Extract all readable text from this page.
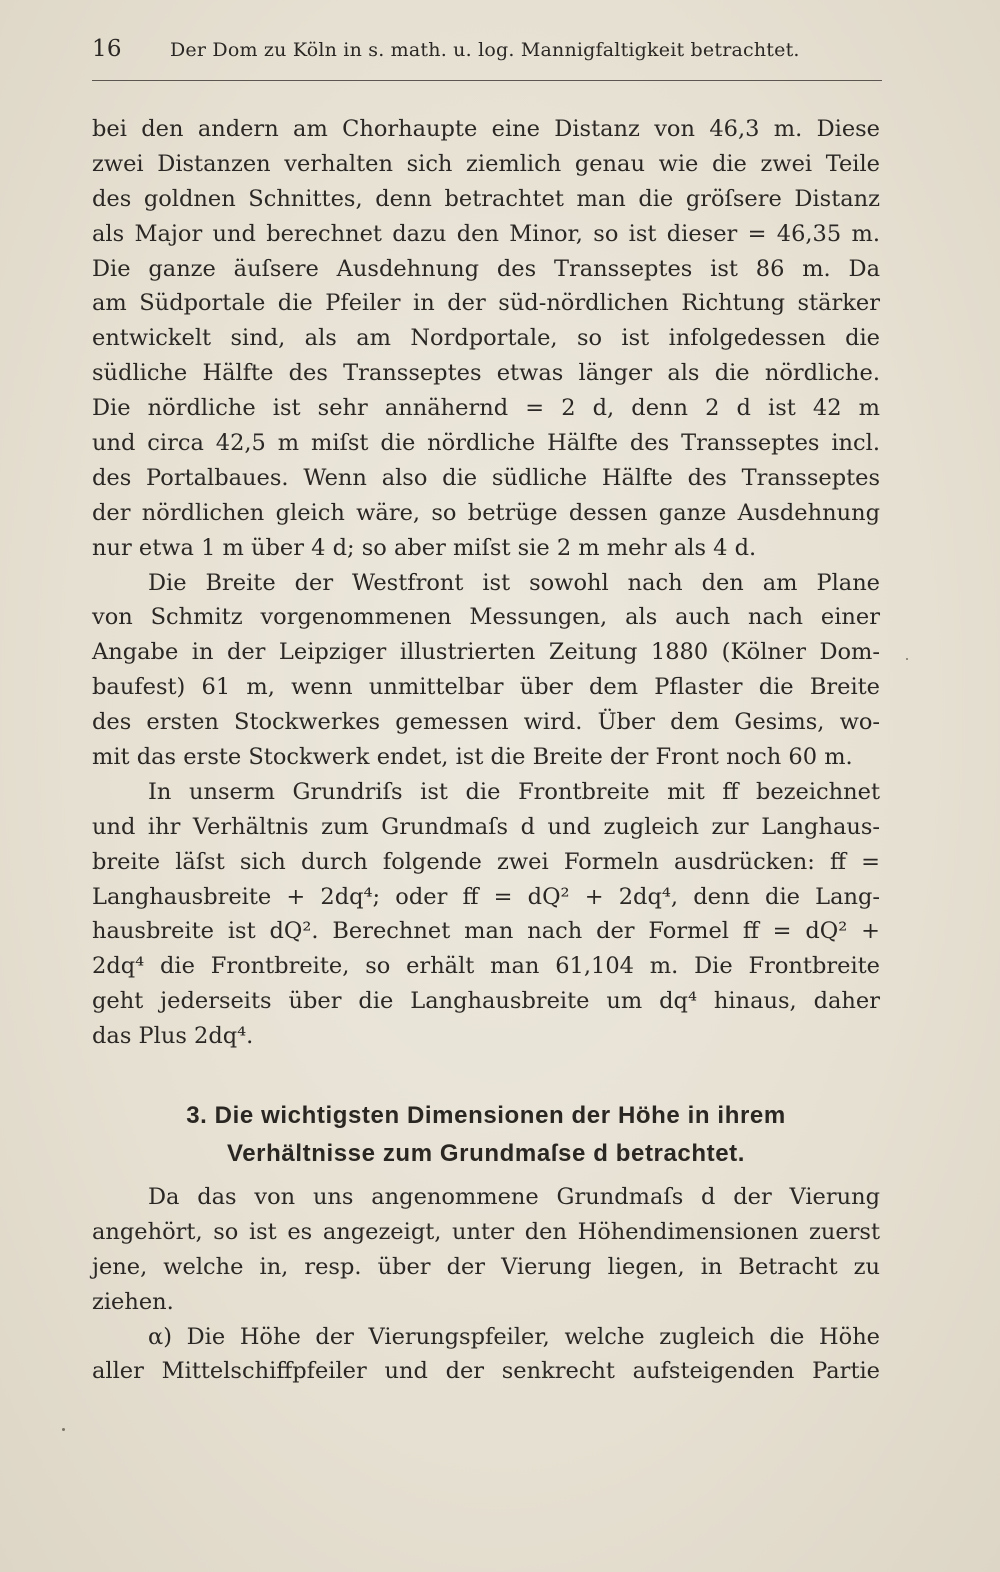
16	Der Dom zu Köln in s. math. u. log. Mannigfaltigkeit betrachtet.
bei den andern am Chorhaupte eine Distanz von 46,3 m. Diese
zwei Distanzen verhalten sich ziemlich genau wie die zwei Teile
des goldnen Schnittes, denn betrachtet man die gröſsere Distanz
als Major und berechnet dazu den Minor, so ist dieser = 46,35 m.
Die ganze äuſsere Ausdehnung des Transseptes ist 86 m. Da
am Südportale die Pfeiler in der süd-nördlichen Richtung stärker
entwickelt sind, als am Nordportale, so ist infolgedessen die
südliche Hälfte des Transseptes etwas länger als die nördliche.
Die nördliche ist sehr annähernd = 2 d, denn 2 d ist 42 m
und circa 42,5 m miſst die nördliche Hälfte des Transseptes incl.
des Portalbaues. Wenn also die südliche Hälfte des Transseptes
der nördlichen gleich wäre, so betrüge dessen ganze Ausdehnung
nur etwa 1 m über 4 d; so aber miſst sie 2 m mehr als 4 d.
Die Breite der Westfront ist sowohl nach den am Plane
von Schmitz vorgenommenen Messungen, als auch nach einer
Angabe in der Leipziger illustrierten Zeitung 1880 (Kölner Dom-
baufest) 61 m, wenn unmittelbar über dem Pflaster die Breite
des ersten Stockwerkes gemessen wird. Über dem Gesims, wo-
mit das erste Stockwerk endet, ist die Breite der Front noch 60 m.
In unserm Grundriſs ist die Frontbreite mit ff bezeichnet
und ihr Verhältnis zum Grundmaſs d und zugleich zur Langhaus-
breite läſst sich durch folgende zwei Formeln ausdrücken: ff =
Langhausbreite + 2dq⁴; oder ff = dQ² + 2dq⁴, denn die Lang-
hausbreite ist dQ². Berechnet man nach der Formel ff = dQ² +
2dq⁴ die Frontbreite, so erhält man 61,104 m. Die Frontbreite
geht jederseits über die Langhausbreite um dq⁴ hinaus, daher
das Plus 2dq⁴.
3. Die wichtigsten Dimensionen der Höhe in ihrem
Verhältnisse zum Grundmaſse d betrachtet.
Da das von uns angenommene Grundmaſs d der Vierung
angehört, so ist es angezeigt, unter den Höhendimensionen zuerst
jene, welche in, resp. über der Vierung liegen, in Betracht zu
ziehen.
α) Die Höhe der Vierungspfeiler, welche zugleich die Höhe
aller Mittelschiffpfeiler und der senkrecht aufsteigenden Partie
